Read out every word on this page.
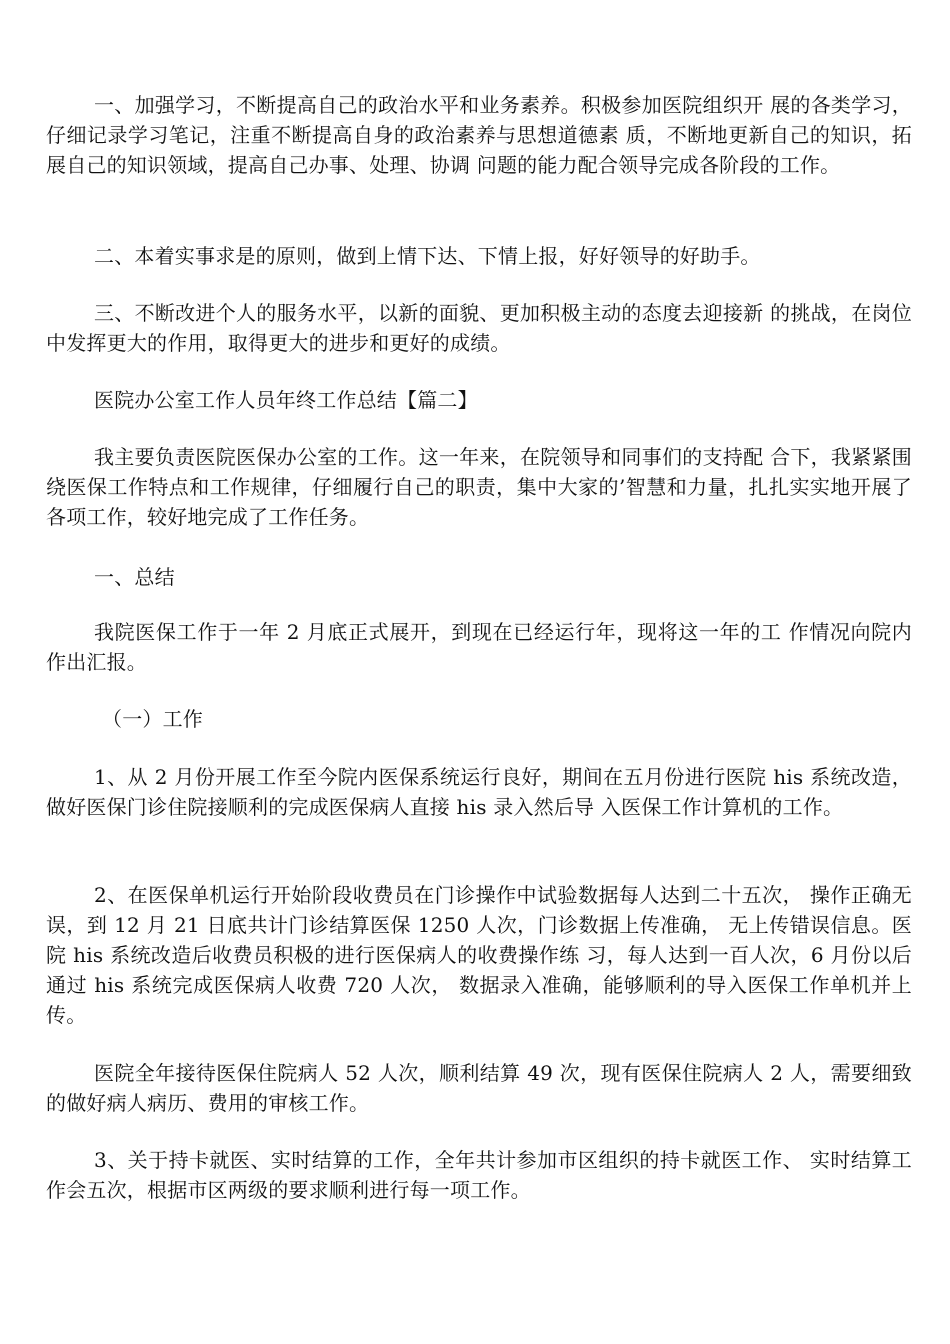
一、加强学习，不断提高自己的政治水平和业务素养。积极参加医院组织开 展的各类学习，仔细记录学习笔记，注重不断提高自身的政治素养与思想道德素 质，不断地更新自己的知识，拓展自己的知识领域，提高自己办事、处理、协调 问题的能力配合领导完成各阶段的工作。

二、本着实事求是的原则，做到上情下达、下情上报，好好领导的好助手。

三、不断改进个人的服务水平，以新的面貌、更加积极主动的态度去迎接新 的挑战，在岗位中发挥更大的作用，取得更大的进步和更好的成绩。

医院办公室工作人员年终工作总结【篇二】

我主要负责医院医保办公室的工作。这一年来，在院领导和同事们的支持配 合下，我紧紧围绕医保工作特点和工作规律，仔细履行自己的职责，集中大家的’智慧和力量，扎扎实实地开展了各项工作，较好地完成了工作任务。

一、总结

我院医保工作于一年 2 月底正式展开，到现在已经运行年，现将这一年的工 作情况向院内作出汇报。

（一）工作

1、从 2 月份开展工作至今院内医保系统运行良好，期间在五月份进行医院 his 系统改造，做好医保门诊住院接顺利的完成医保病人直接 his 录入然后导 入医保工作计算机的工作。

2、在医保单机运行开始阶段收费员在门诊操作中试验数据每人达到二十五次， 操作正确无误，到 12 月 21 日底共计门诊结算医保 1250 人次，门诊数据上传准确， 无上传错误信息。医院 his 系统改造后收费员积极的进行医保病人的收费操作练 习，每人达到一百人次，6 月份以后通过 his 系统完成医保病人收费 720 人次， 数据录入准确，能够顺利的导入医保工作单机并上传。

医院全年接待医保住院病人 52 人次，顺利结算 49 次，现有医保住院病人 2 人，需要细致的做好病人病历、费用的审核工作。

3、关于持卡就医、实时结算的工作，全年共计参加市区组织的持卡就医工作、 实时结算工作会五次，根据市区两级的要求顺利进行每一项工作。
